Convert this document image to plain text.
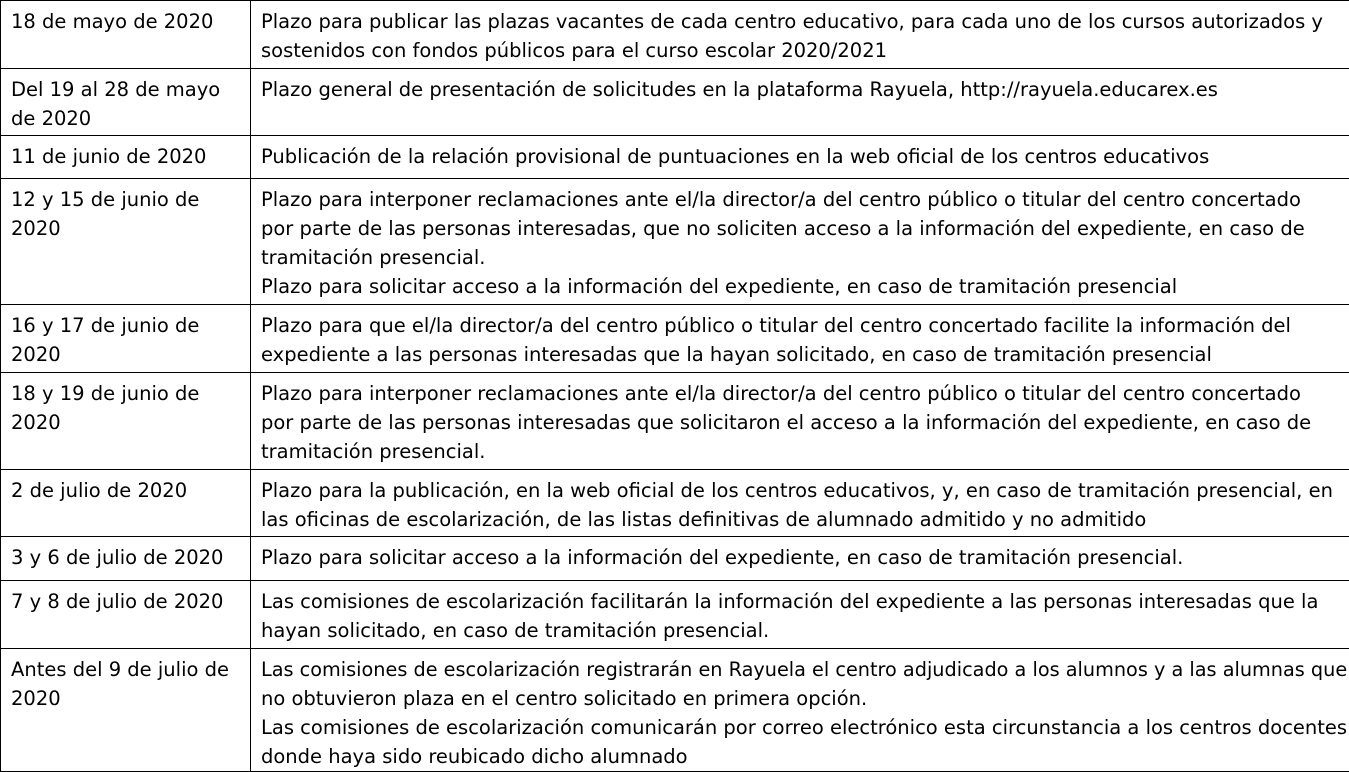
18 de mayo de 2020	Plazo para publicar las plazas vacantes de cada centro educativo, para cada uno de los cursos autorizados y
sostenidos con fondos públicos para el curso escolar 2020/2021

Del 19 al 28 de mayo de 2020	Plazo general de presentación de solicitudes en la plataforma Rayuela, http://rayuela.educarex.es

11 de junio de 2020	Publicación de la relación provisional de puntuaciones en la web oficial de los centros educativos

12 y 15 de junio de 2020	Plazo para interponer reclamaciones ante el/la director/a del centro público o titular del centro concertado
por parte de las personas interesadas, que no soliciten acceso a la información del expediente, en caso de
tramitación presencial.
Plazo para solicitar acceso a la información del expediente, en caso de tramitación presencial

16 y 17 de junio de 2020	Plazo para que el/la director/a del centro público o titular del centro concertado facilite la información del
expediente a las personas interesadas que la hayan solicitado, en caso de tramitación presencial

18 y 19 de junio de 2020	Plazo para interponer reclamaciones ante el/la director/a del centro público o titular del centro concertado
por parte de las personas interesadas que solicitaron el acceso a la información del expediente, en caso de
tramitación presencial.

2 de julio de 2020	Plazo para la publicación, en la web oficial de los centros educativos, y, en caso de tramitación presencial, en
las oficinas de escolarización, de las listas definitivas de alumnado admitido y no admitido

3 y 6 de julio de 2020	Plazo para solicitar acceso a la información del expediente, en caso de tramitación presencial.

7 y 8 de julio de 2020	Las comisiones de escolarización facilitarán la información del expediente a las personas interesadas que la
hayan solicitado, en caso de tramitación presencial.

Antes del 9 de julio de 2020	Las comisiones de escolarización registrarán en Rayuela el centro adjudicado a los alumnos y a las alumnas que
no obtuvieron plaza en el centro solicitado en primera opción.
Las comisiones de escolarización comunicarán por correo electrónico esta circunstancia a los centros docentes
donde haya sido reubicado dicho alumnado
